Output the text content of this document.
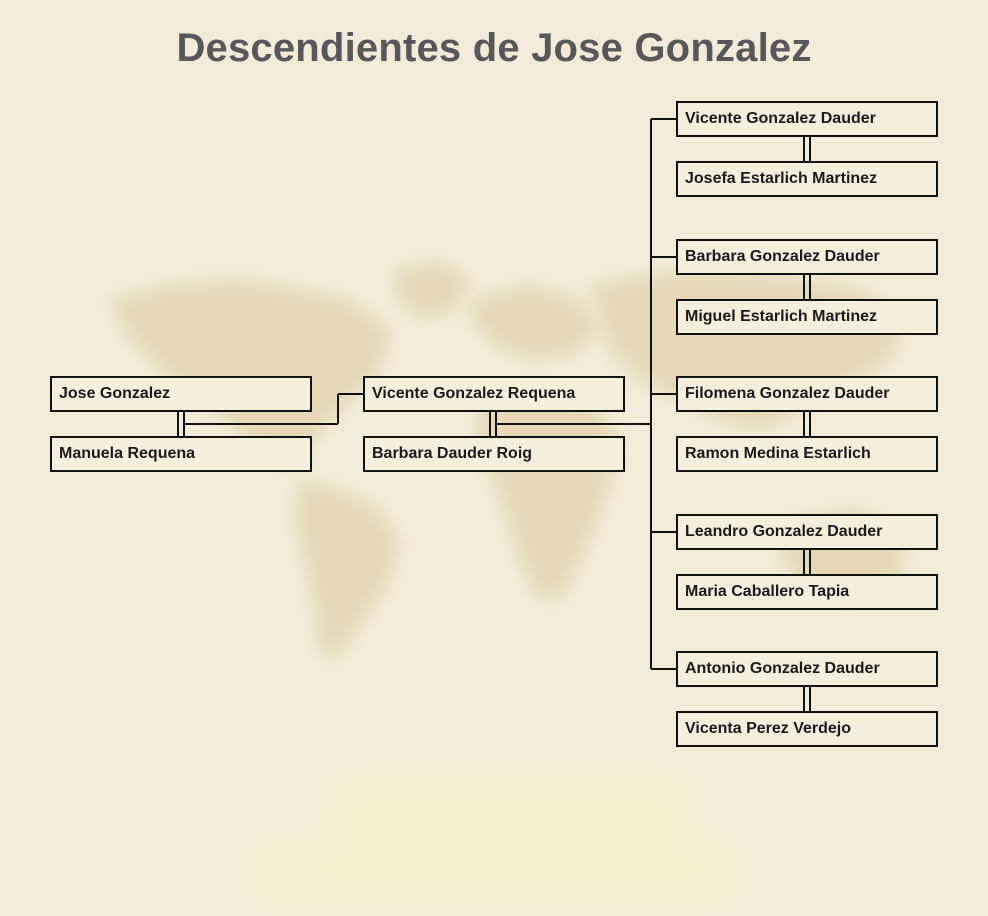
Descendientes de Jose Gonzalez
Jose Gonzalez
Manuela Requena
Vicente Gonzalez Requena
Barbara Dauder Roig
Vicente Gonzalez Dauder
Josefa Estarlich Martinez
Barbara Gonzalez Dauder
Miguel Estarlich Martinez
Filomena Gonzalez Dauder
Ramon Medina Estarlich
Leandro Gonzalez Dauder
Maria Caballero Tapia
Antonio Gonzalez Dauder
Vicenta Perez Verdejo
